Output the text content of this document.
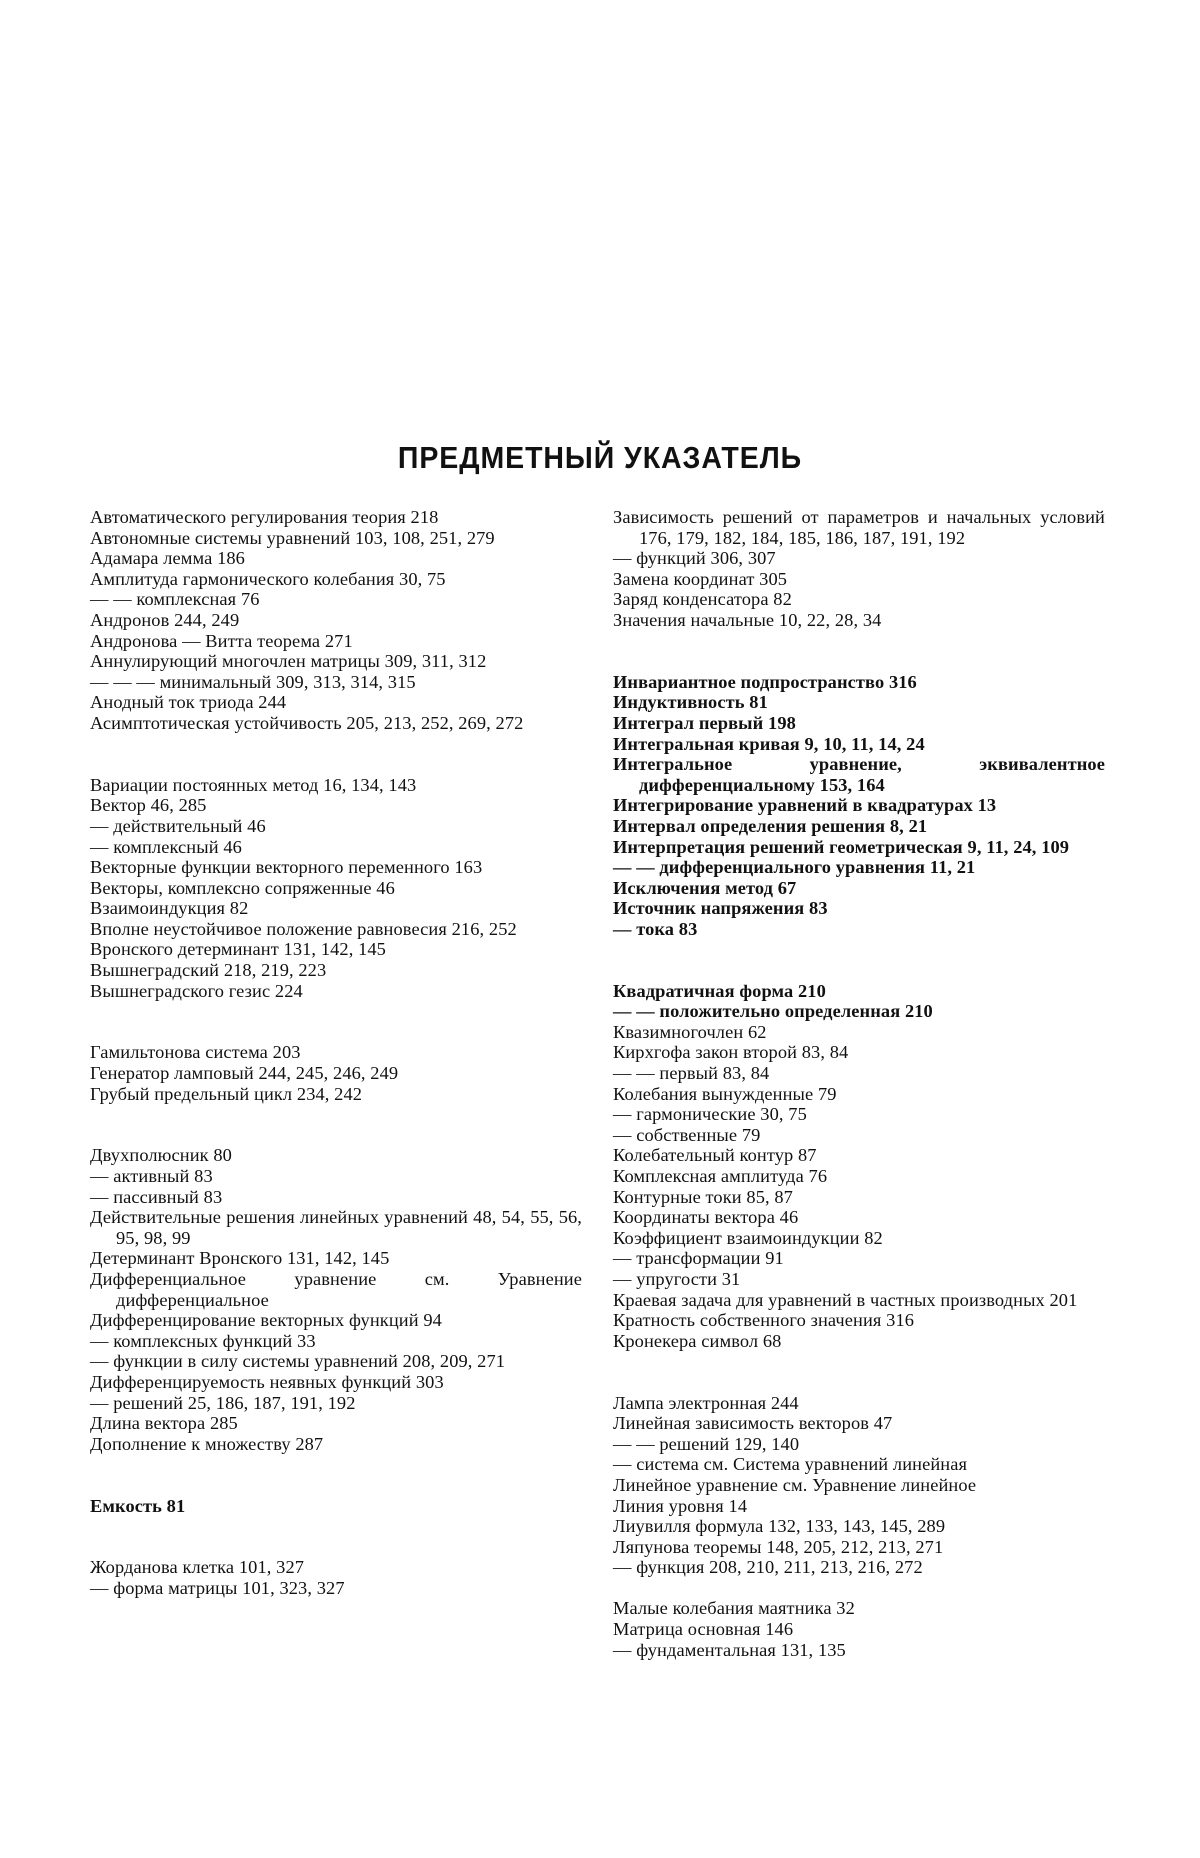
ПРЕДМЕТНЫЙ УКАЗАТЕЛЬ
Автоматического регулирования теория 218
Автономные системы уравнений 103, 108, 251, 279
Адамара лемма 186
Амплитуда гармонического колебания 30, 75
— — комплексная 76
Андронов 244, 249
Андронова — Витта теорема 271
Аннулирующий многочлен матрицы 309, 311, 312
— — — минимальный 309, 313, 314, 315
Анодный ток триода 244
Асимптотическая устойчивость 205, 213, 252, 269, 272
Вариации постоянных метод 16, 134, 143
Вектор 46, 285
— действительный 46
— комплексный 46
Векторные функции векторного переменного 163
Векторы, комплексно сопряженные 46
Взаимоиндукция 82
Вполне неустойчивое положение равновесия 216, 252
Вронского детерминант 131, 142, 145
Вышнеградский 218, 219, 223
Вышнеградского гезис 224
Гамильтонова система 203
Генератор ламповый 244, 245, 246, 249
Грубый предельный цикл 234, 242
Двухполюсник 80
— активный 83
— пассивный 83
Действительные решения линейных уравнений 48, 54, 55, 56, 95, 98, 99
Детерминант Вронского 131, 142, 145
Дифференциальное уравнение см. Уравнение дифференциальное
Дифференцирование векторных функций 94
— комплексных функций 33
— функции в силу системы уравнений 208, 209, 271
Дифференцируемость неявных функций 303
— решений 25, 186, 187, 191, 192
Длина вектора 285
Дополнение к множеству 287
Емкость 81
Жорданова клетка 101, 327
— форма матрицы 101, 323, 327
Зависимость решений от параметров и начальных условий 176, 179, 182, 184, 185, 186, 187, 191, 192
— функций 306, 307
Замена координат 305
Заряд конденсатора 82
Значения начальные 10, 22, 28, 34
Инвариантное подпространство 316
Индуктивность 81
Интеграл первый 198
Интегральная кривая 9, 10, 11, 14, 24
Интегральное уравнение, эквивалентное дифференциальному 153, 164
Интегрирование уравнений в квадратурах 13
Интервал определения решения 8, 21
Интерпретация решений геометрическая 9, 11, 24, 109
— — дифференциального уравнения 11, 21
Исключения метод 67
Источник напряжения 83
— тока 83
Квадратичная форма 210
— — положительно определенная 210
Квазимногочлен 62
Кирхгофа закон второй 83, 84
— — первый 83, 84
Колебания вынужденные 79
— гармонические 30, 75
— собственные 79
Колебательный контур 87
Комплексная амплитуда 76
Контурные токи 85, 87
Координаты вектора 46
Коэффициент взаимоиндукции 82
— трансформации 91
— упругости 31
Краевая задача для уравнений в частных производных 201
Кратность собственного значения 316
Кронекера символ 68
Лампа электронная 244
Линейная зависимость векторов 47
— — решений 129, 140
— система см. Система уравнений линейная
Линейное уравнение см. Уравнение линейное
Линия уровня 14
Лиувилля формула 132, 133, 143, 145, 289
Ляпунова теоремы 148, 205, 212, 213, 271
— функция 208, 210, 211, 213, 216, 272
Малые колебания маятника 32
Матрица основная 146
— фундаментальная 131, 135
